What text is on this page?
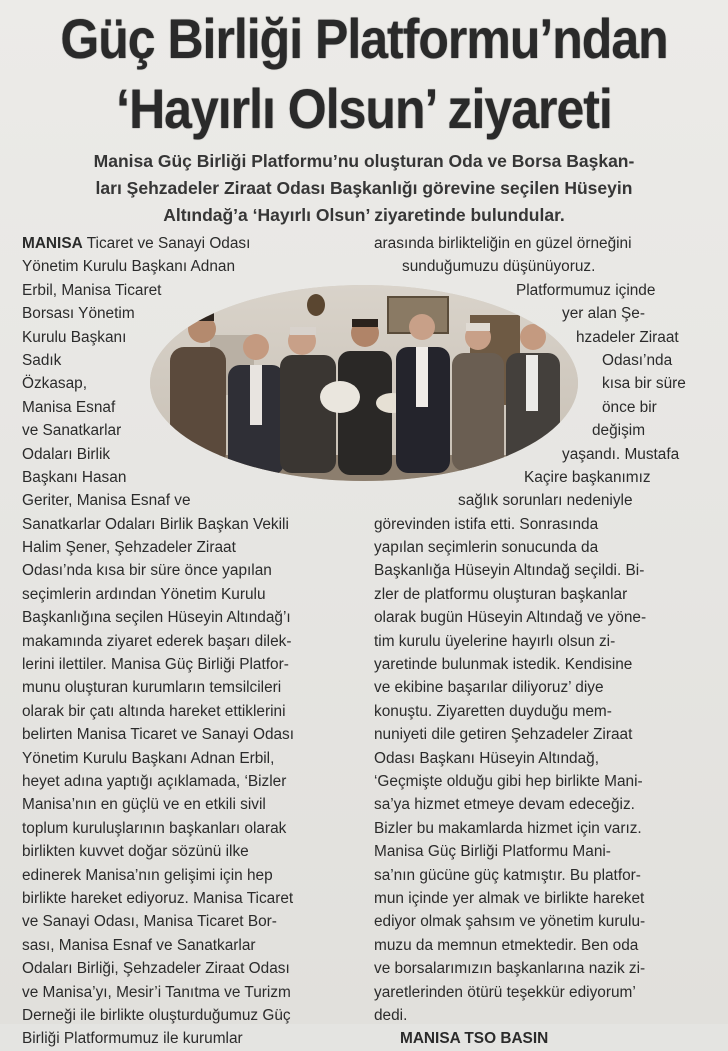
Güç Birliği Platformu’ndan
‘Hayırlı Olsun’ ziyareti
Manisa Güç Birliği Platformu’nu oluşturan Oda ve Borsa Başkan-
ları Şehzadeler Ziraat Odası Başkanlığı görevine seçilen Hüseyin
Altındağ’a ‘Hayırlı Olsun’ ziyaretinde bulundular.
MANISA Ticaret ve Sanayi Odası
Yönetim Kurulu Başkanı Adnan
Erbil, Manisa Ticaret
Borsası Yönetim
Kurulu Başkanı
Sadık
Özkasap,
Manisa Esnaf
ve Sanatkarlar
Odaları Birlik
Başkanı Hasan
Geriter, Manisa Esnaf ve
Sanatkarlar Odaları Birlik Başkan Vekili
Halim Şener, Şehzadeler Ziraat
Odası’nda kısa bir süre önce yapılan
seçimlerin ardından Yönetim Kurulu
Başkanlığına seçilen Hüseyin Altındağ’ı
makamında ziyaret ederek başarı dilek-
lerini ilettiler. Manisa Güç Birliği Platfor-
munu oluşturan kurumların temsilcileri
olarak bir çatı altında hareket ettiklerini
belirten Manisa Ticaret ve Sanayi Odası
Yönetim Kurulu Başkanı Adnan Erbil,
heyet adına yaptığı açıklamada, ‘Bizler
Manisa’nın en güçlü ve en etkili sivil
toplum kuruluşlarının başkanları olarak
birlikten kuvvet doğar sözünü ilke
edinerek Manisa’nın gelişimi için hep
birlikte hareket ediyoruz. Manisa Ticaret
ve Sanayi Odası, Manisa Ticaret Bor-
sası, Manisa Esnaf ve Sanatkarlar
Odaları Birliği, Şehzadeler Ziraat Odası
ve Manisa’yı, Mesir’i Tanıtma ve Turizm
Derneği ile birlikte oluşturduğumuz Güç
Birliği Platformumuz ile kurumlar
arasında birlikteliğin en güzel örneğini
sunduğumuzu düşünüyoruz.
Platformumuz içinde
yer alan Şe-
hzadeler Ziraat
Odası’nda
kısa bir süre
önce bir
değişim
yaşandı. Mustafa
Kaçire başkanımız
sağlık sorunları nedeniyle
görevinden istifa etti. Sonrasında
yapılan seçimlerin sonucunda da
Başkanlığa Hüseyin Altındağ seçildi. Bi-
zler de platformu oluşturan başkanlar
olarak bugün Hüseyin Altındağ ve yöne-
tim kurulu üyelerine hayırlı olsun zi-
yaretinde bulunmak istedik. Kendisine
ve ekibine başarılar diliyoruz’ diye
konuştu. Ziyaretten duyduğu mem-
nuniyeti dile getiren Şehzadeler Ziraat
Odası Başkanı Hüseyin Altındağ,
‘Geçmişte olduğu gibi hep birlikte Mani-
sa’ya hizmet etmeye devam edeceğiz.
Bizler bu makamlarda hizmet için varız.
Manisa Güç Birliği Platformu Mani-
sa’nın gücüne güç katmıştır. Bu platfor-
mun içinde yer almak ve birlikte hareket
ediyor olmak şahsım ve yönetim kurulu-
muzu da memnun etmektedir. Ben oda
ve borsalarımızın başkanlarına nazik zi-
yaretlerinden ötürü teşekkür ediyorum’
dedi.
MANISA TSO BASIN
